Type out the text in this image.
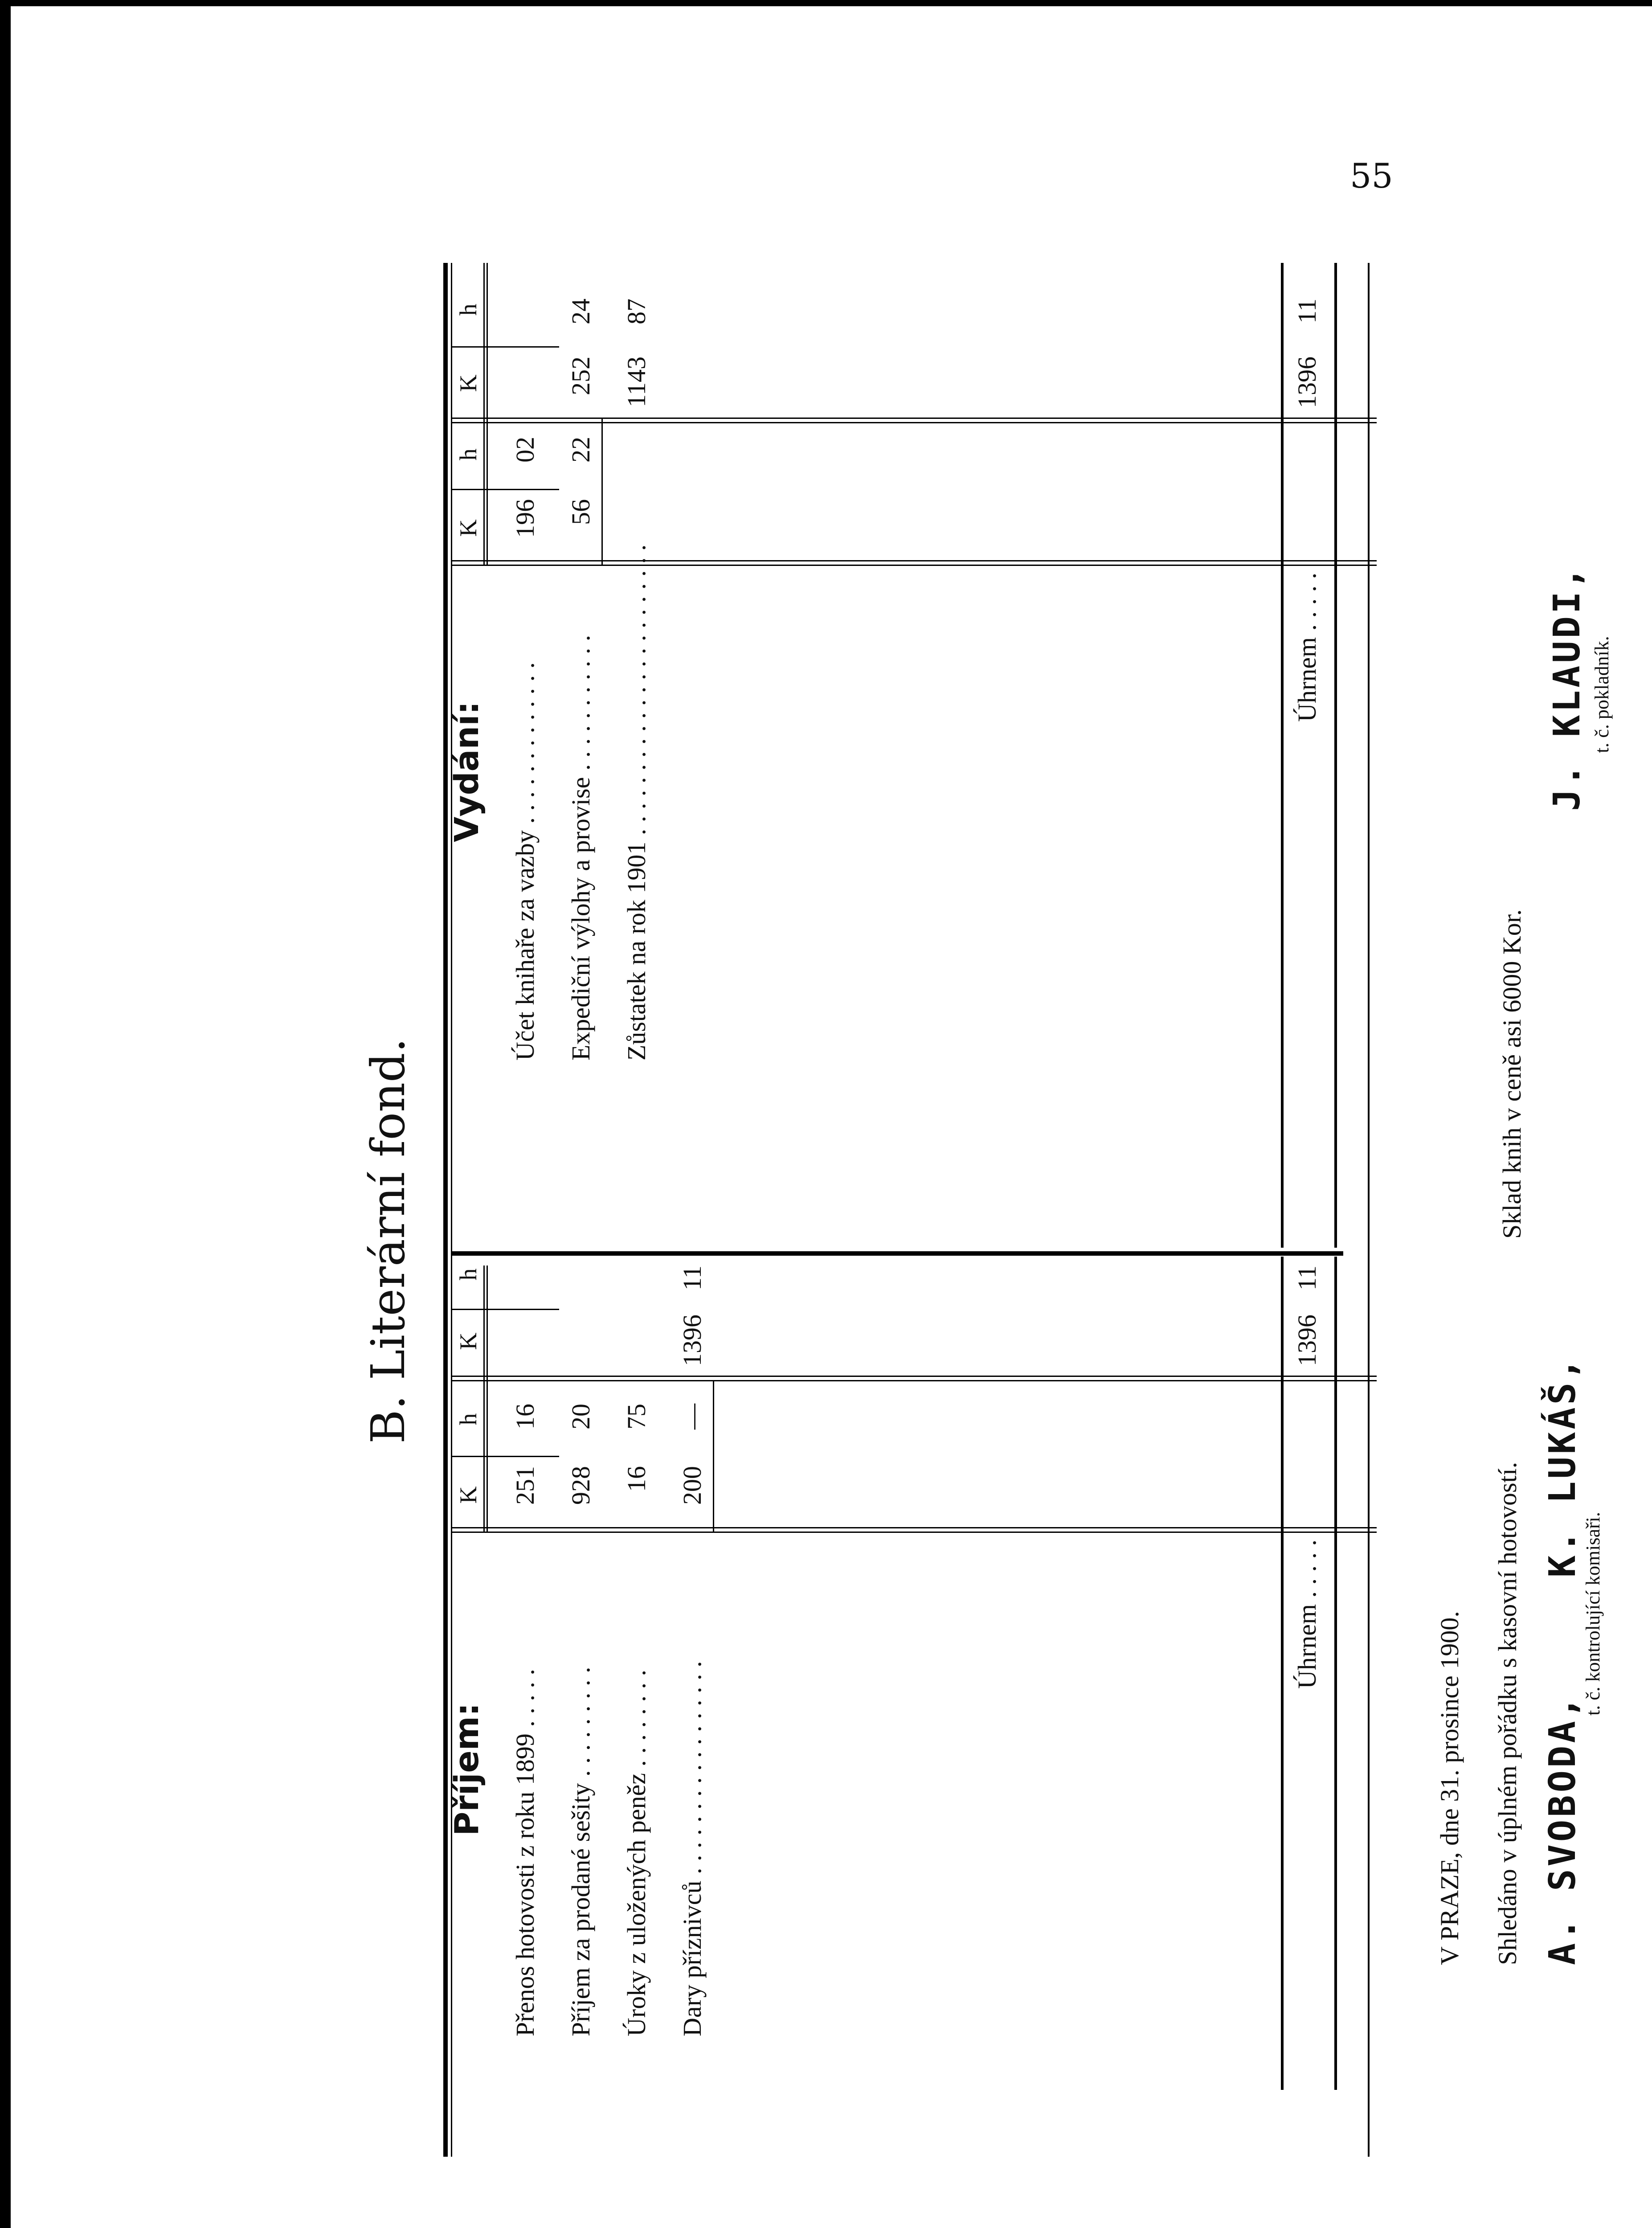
55
B. Literární fond.
Příjem:
K
h
K
h
Přenos hotovosti z roku 1899 . . . . .
251
16
Příjem za prodané sešity . . . . . . . . .
928
20
Úroky z uložených peněz . . . . . . . .
16
75
Dary příznivců . . . . . . . . . . . . . . . . .
200
—
1396
11
Úhrnem . . . . .
1396
11
Vydání:
K
h
K
h
Účet knihaře za vazby . . . . . . . . . . . . .
196
02
Expediční výlohy a provise . . . . . . . . . . .
56
22
252
24
Zůstatek na rok 1901 . . . . . . . . . . . . . . . . . . . . . . .
1143
87
Úhrnem . . . . .
1396
11
Sklad knih v ceně asi 6000 Kor.
V PRAZE, dne 31. prosince 1900. Shledáno v úplném pořádku s kasovní hotovostí. A. SVOBODA,
K. LUKÁŠ,
t. č. kontrolující komisaři.
J. KLAUDI, t. č. pokladník.
